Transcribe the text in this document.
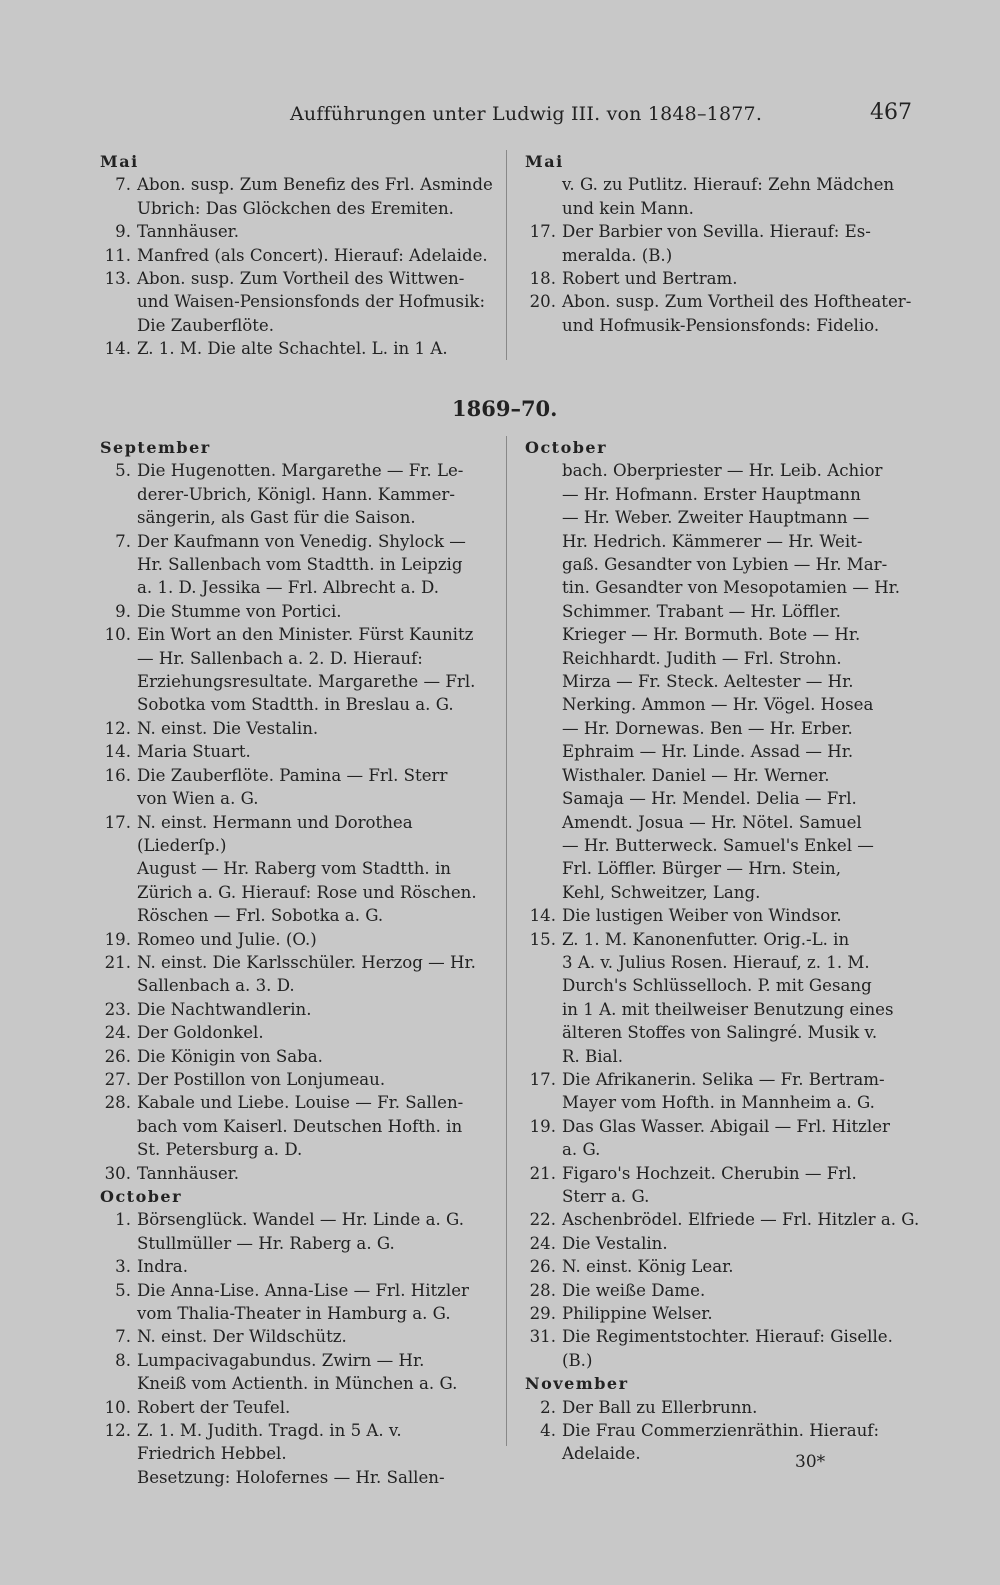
Aufführungen unter Ludwig III. von 1848–1877.	467
Mai
7. Abon. susp. Zum Benefiz des Frl. Asminde
Ubrich: Das Glöckchen des Eremiten.
9. Tannhäuser.
11. Manfred (als Concert). Hierauf: Adelaide.
13. Abon. susp. Zum Vortheil des Wittwen-
und Waisen-Pensionsfonds der Hofmusik:
Die Zauberflöte.
14. Z. 1. M. Die alte Schachtel. L. in 1 A.
Mai
v. G. zu Putlitz. Hierauf: Zehn Mädchen
und kein Mann.
17. Der Barbier von Sevilla. Hierauf: Es-
meralda. (B.)
18. Robert und Bertram.
20. Abon. susp. Zum Vortheil des Hoftheater-
und Hofmusik-Pensionsfonds: Fidelio.
1869–70.
September
5. Die Hugenotten. Margarethe — Fr. Le-
derer-Ubrich, Königl. Hann. Kammer-
sängerin, als Gast für die Saison.
7. Der Kaufmann von Venedig. Shylock —
Hr. Sallenbach vom Stadtth. in Leipzig
a. 1. D. Jessika — Frl. Albrecht a. D.
9. Die Stumme von Portici.
10. Ein Wort an den Minister. Fürst Kaunitz
— Hr. Sallenbach a. 2. D. Hierauf:
Erziehungsresultate. Margarethe — Frl.
Sobotka vom Stadtth. in Breslau a. G.
12. N. einst. Die Vestalin.
14. Maria Stuart.
16. Die Zauberflöte. Pamina — Frl. Sterr
von Wien a. G.
17. N. einst. Hermann und Dorothea (Liederſp.)
August — Hr. Raberg vom Stadtth. in
Zürich a. G. Hierauf: Rose und Röschen.
Röschen — Frl. Sobotka a. G.
19. Romeo und Julie. (O.)
21. N. einst. Die Karlsschüler. Herzog — Hr.
Sallenbach a. 3. D.
23. Die Nachtwandlerin.
24. Der Goldonkel.
26. Die Königin von Saba.
27. Der Postillon von Lonjumeau.
28. Kabale und Liebe. Louise — Fr. Sallen-
bach vom Kaiserl. Deutschen Hofth. in
St. Petersburg a. D.
30. Tannhäuser.
October
1. Börsenglück. Wandel — Hr. Linde a. G.
Stullmüller — Hr. Raberg a. G.
3. Indra.
5. Die Anna-Lise. Anna-Lise — Frl. Hitzler
vom Thalia-Theater in Hamburg a. G.
7. N. einst. Der Wildschütz.
8. Lumpacivagabundus. Zwirn — Hr.
Kneiß vom Actienth. in München a. G.
10. Robert der Teufel.
12. Z. 1. M. Judith. Tragd. in 5 A. v.
Friedrich Hebbel.
Besetzung: Holofernes — Hr. Sallen-
October
bach. Oberpriester — Hr. Leib. Achior
— Hr. Hofmann. Erster Hauptmann
— Hr. Weber. Zweiter Hauptmann —
Hr. Hedrich. Kämmerer — Hr. Weit-
gaß. Gesandter von Lybien — Hr. Mar-
tin. Gesandter von Mesopotamien — Hr.
Schimmer. Trabant — Hr. Löffler.
Krieger — Hr. Bormuth. Bote — Hr.
Reichhardt. Judith — Frl. Strohn.
Mirza — Fr. Steck. Aeltester — Hr.
Nerking. Ammon — Hr. Vögel. Hosea
— Hr. Dornewas. Ben — Hr. Erber.
Ephraim — Hr. Linde. Assad — Hr.
Wisthaler. Daniel — Hr. Werner.
Samaja — Hr. Mendel. Delia — Frl.
Amendt. Josua — Hr. Nötel. Samuel
— Hr. Butterweck. Samuel's Enkel —
Frl. Löffler. Bürger — Hrn. Stein,
Kehl, Schweitzer, Lang.
14. Die lustigen Weiber von Windsor.
15. Z. 1. M. Kanonenfutter. Orig.-L. in
3 A. v. Julius Rosen. Hierauf, z. 1. M.
Durch's Schlüsselloch. P. mit Gesang
in 1 A. mit theilweiser Benutzung eines
älteren Stoffes von Salingré. Musik v.
R. Bial.
17. Die Afrikanerin. Selika — Fr. Bertram-
Mayer vom Hofth. in Mannheim a. G.
19. Das Glas Wasser. Abigail — Frl. Hitzler
a. G.
21. Figaro's Hochzeit. Cherubin — Frl.
Sterr a. G.
22. Aschenbrödel. Elfriede — Frl. Hitzler a. G.
24. Die Vestalin.
26. N. einst. König Lear.
28. Die weiße Dame.
29. Philippine Welser.
31. Die Regimentstochter. Hierauf: Giselle. (B.)
November
2. Der Ball zu Ellerbrunn.
4. Die Frau Commerzienräthin. Hierauf:
Adelaide.	30*
